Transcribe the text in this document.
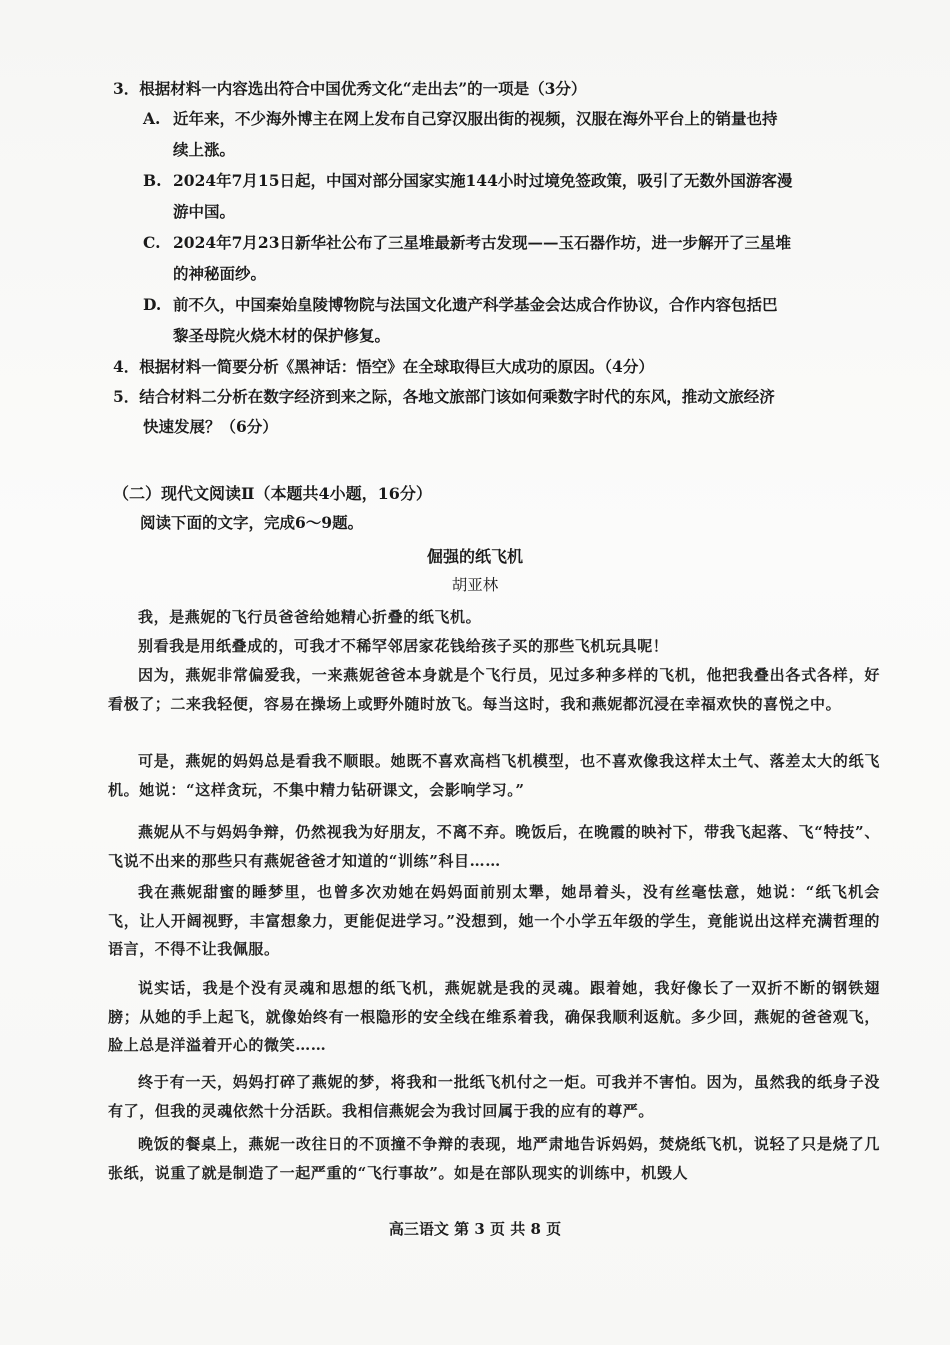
3．根据材料一内容选出符合中国优秀文化“走出去”的一项是（3分）
A. 近年来，不少海外博主在网上发布自己穿汉服出街的视频，汉服在海外平台上的销量也持
续上涨。
B. 2024年7月15日起，中国对部分国家实施144小时过境免签政策，吸引了无数外国游客漫
游中国。
C. 2024年7月23日新华社公布了三星堆最新考古发现——玉石器作坊，进一步解开了三星堆
的神秘面纱。
D. 前不久，中国秦始皇陵博物院与法国文化遗产科学基金会达成合作协议，合作内容包括巴
黎圣母院火烧木材的保护修复。
4．根据材料一简要分析《黑神话：悟空》在全球取得巨大成功的原因。（4分）
5．结合材料二分析在数字经济到来之际，各地文旅部门该如何乘数字时代的东风，推动文旅经济
快速发展？（6分）
（二）现代文阅读Ⅱ（本题共4小题，16分）
阅读下面的文字，完成6～9题。
倔强的纸飞机
胡亚林
我，是燕妮的飞行员爸爸给她精心折叠的纸飞机。
别看我是用纸叠成的，可我才不稀罕邻居家花钱给孩子买的那些飞机玩具呢！
因为，燕妮非常偏爱我，一来燕妮爸爸本身就是个飞行员，见过多种多样的飞机，他把我叠出各式各样，好看极了；二来我轻便，容易在操场上或野外随时放飞。每当这时，我和燕妮都沉浸在幸福欢快的喜悦之中。
可是，燕妮的妈妈总是看我不顺眼。她既不喜欢高档飞机模型，也不喜欢像我这样太土气、落差太大的纸飞机。她说：“这样贪玩，不集中精力钻研课文，会影响学习。”
燕妮从不与妈妈争辩，仍然视我为好朋友，不离不弃。晚饭后，在晚霞的映衬下，带我飞起落、飞“特技”、飞说不出来的那些只有燕妮爸爸才知道的“训练”科目……
我在燕妮甜蜜的睡梦里，也曾多次劝她在妈妈面前别太犟，她昂着头，没有丝毫怯意，她说：“纸飞机会飞，让人开阔视野，丰富想象力，更能促进学习。”没想到，她一个小学五年级的学生，竟能说出这样充满哲理的语言，不得不让我佩服。
说实话，我是个没有灵魂和思想的纸飞机，燕妮就是我的灵魂。跟着她，我好像长了一双折不断的钢铁翅膀；从她的手上起飞，就像始终有一根隐形的安全线在维系着我，确保我顺利返航。多少回，燕妮的爸爸观飞，脸上总是洋溢着开心的微笑……
终于有一天，妈妈打碎了燕妮的梦，将我和一批纸飞机付之一炬。可我并不害怕。因为，虽然我的纸身子没有了，但我的灵魂依然十分活跃。我相信燕妮会为我讨回属于我的应有的尊严。
晚饭的餐桌上，燕妮一改往日的不顶撞不争辩的表现，地严肃地告诉妈妈，焚烧纸飞机，说轻了只是烧了几张纸，说重了就是制造了一起严重的“飞行事故”。如是在部队现实的训练中，机毁人
高三语文 第 3 页 共 8 页
